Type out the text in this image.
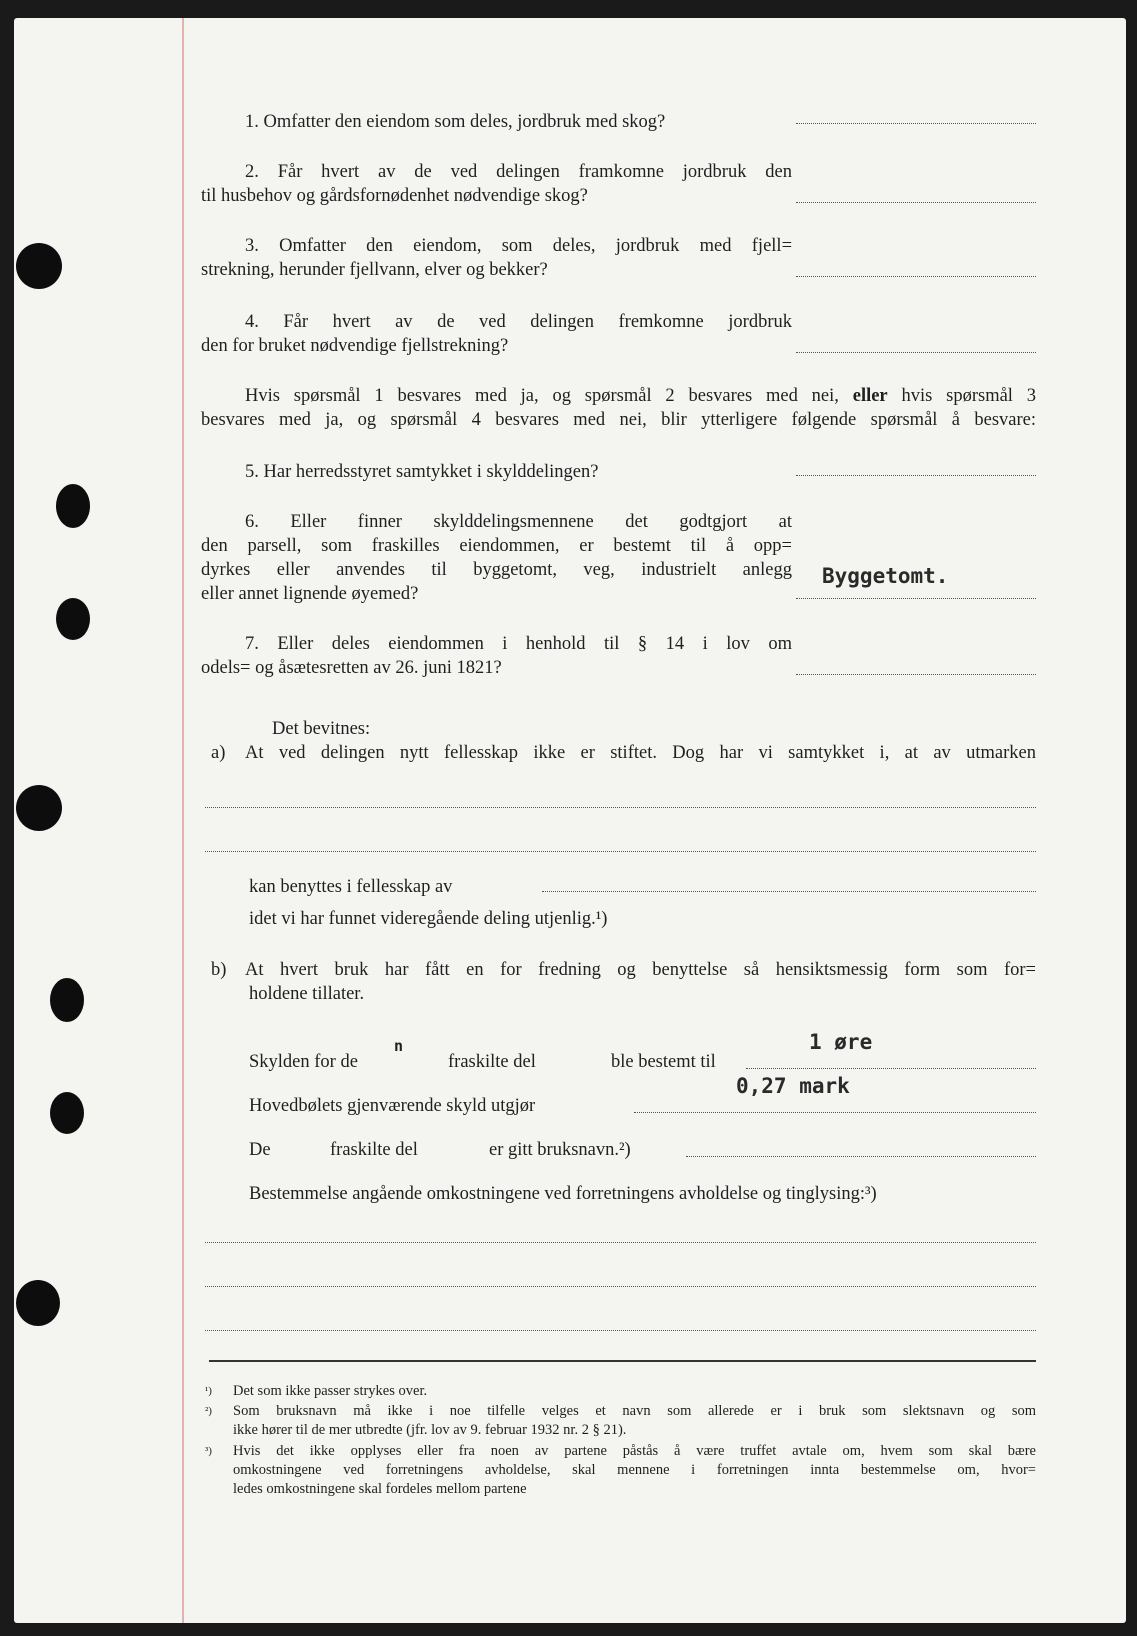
1. Omfatter den eiendom som deles, jordbruk med skog?
2. Får hvert av de ved delingen framkomne jordbruk den
til husbehov og gårdsfornødenhet nødvendige skog?
3. Omfatter den eiendom, som deles, jordbruk med fjell=
strekning, herunder fjellvann, elver og bekker?
4. Får hvert av de ved delingen fremkomne jordbruk
den for bruket nødvendige fjellstrekning?
Hvis spørsmål 1 besvares med ja, og spørsmål 2 besvares med nei, eller hvis spørsmål 3
besvares med ja, og spørsmål 4 besvares med nei, blir ytterligere følgende spørsmål å besvare:
5. Har herredsstyret samtykket i skylddelingen?
6. Eller finner skylddelingsmennene det godtgjort at
den parsell, som fraskilles eiendommen, er bestemt til å opp=
dyrkes eller anvendes til byggetomt, veg, industrielt anlegg
eller annet lignende øyemed?
Byggetomt.
7. Eller deles eiendommen i henhold til § 14 i lov om
odels= og åsætesretten av 26. juni 1821?
Det bevitnes:
a) At ved delingen nytt fellesskap ikke er stiftet. Dog har vi samtykket i, at av utmarken
kan benyttes i fellesskap av
idet vi har funnet videregående deling utjenlig.¹)
b) At hvert bruk har fått en for fredning og benyttelse så hensiktsmessig form som for=
holdene tillater.
Skylden for de
n
fraskilte del	ble bestemt til
1 øre
Hovedbølets gjenværende skyld utgjør
0,27 mark
De	fraskilte del	er gitt bruksnavn.²)
Bestemmelse angående omkostningene ved forretningens avholdelse og tinglysing:³)
¹) Det som ikke passer strykes over.
²) Som bruksnavn må ikke i noe tilfelle velges et navn som allerede er i bruk som slektsnavn og som
ikke hører til de mer utbredte (jfr. lov av 9. februar 1932 nr. 2 § 21).
³) Hvis det ikke opplyses eller fra noen av partene påstås å være truffet avtale om, hvem som skal bære
omkostningene ved forretningens avholdelse, skal mennene i forretningen innta bestemmelse om, hvor=
ledes omkostningene skal fordeles mellom partene
